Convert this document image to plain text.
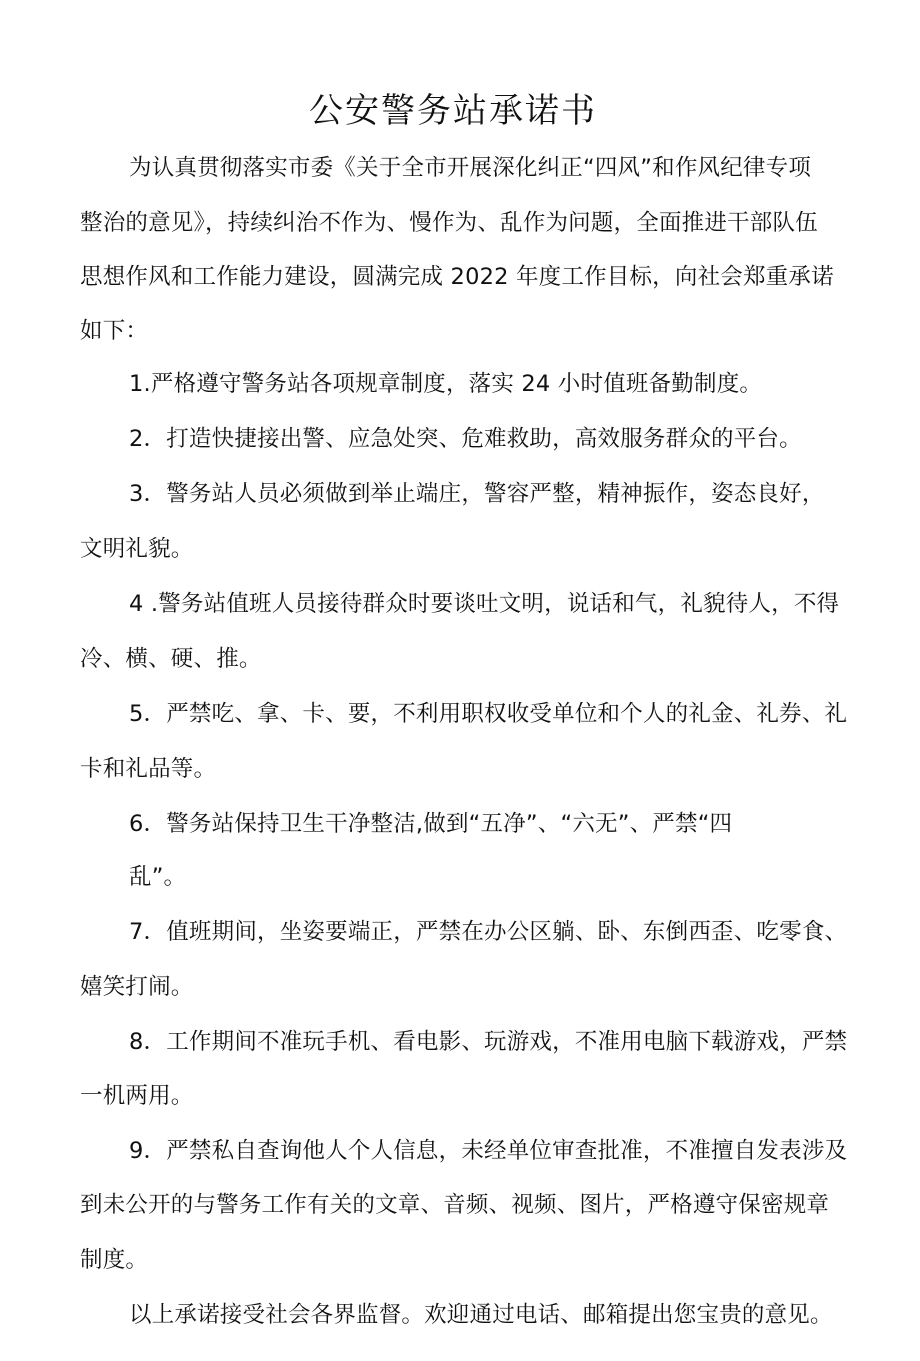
公安警务站承诺书
为认真贯彻落实市委《关于全市开展深化纠正“四风”和作风纪律专项
整治的意见》，持续纠治不作为、慢作为、乱作为问题，全面推进干部队伍
思想作风和工作能力建设，圆满完成 2022 年度工作目标，向社会郑重承诺
如下：
1.严格遵守警务站各项规章制度，落实 24 小时值班备勤制度。
2．打造快捷接出警、应急处突、危难救助，高效服务群众的平台。
3．警务站人员必须做到举止端庄，警容严整，精神振作，姿态良好，
文明礼貌。
4 .警务站值班人员接待群众时要谈吐文明，说话和气，礼貌待人，不得
冷、横、硬、推。
5．严禁吃、拿、卡、要，不利用职权收受单位和个人的礼金、礼券、礼
卡和礼品等。
6．警务站保持卫生干净整洁,做到“五净”、“六无”、严禁“四
乱”。
7．值班期间，坐姿要端正，严禁在办公区躺、卧、东倒西歪、吃零食、
嬉笑打闹。
8．工作期间不准玩手机、看电影、玩游戏，不准用电脑下载游戏，严禁
一机两用。
9．严禁私自查询他人个人信息，未经单位审查批准，不准擅自发表涉及
到未公开的与警务工作有关的文章、音频、视频、图片，严格遵守保密规章
制度。
以上承诺接受社会各界监督。欢迎通过电话、邮箱提出您宝贵的意见。
